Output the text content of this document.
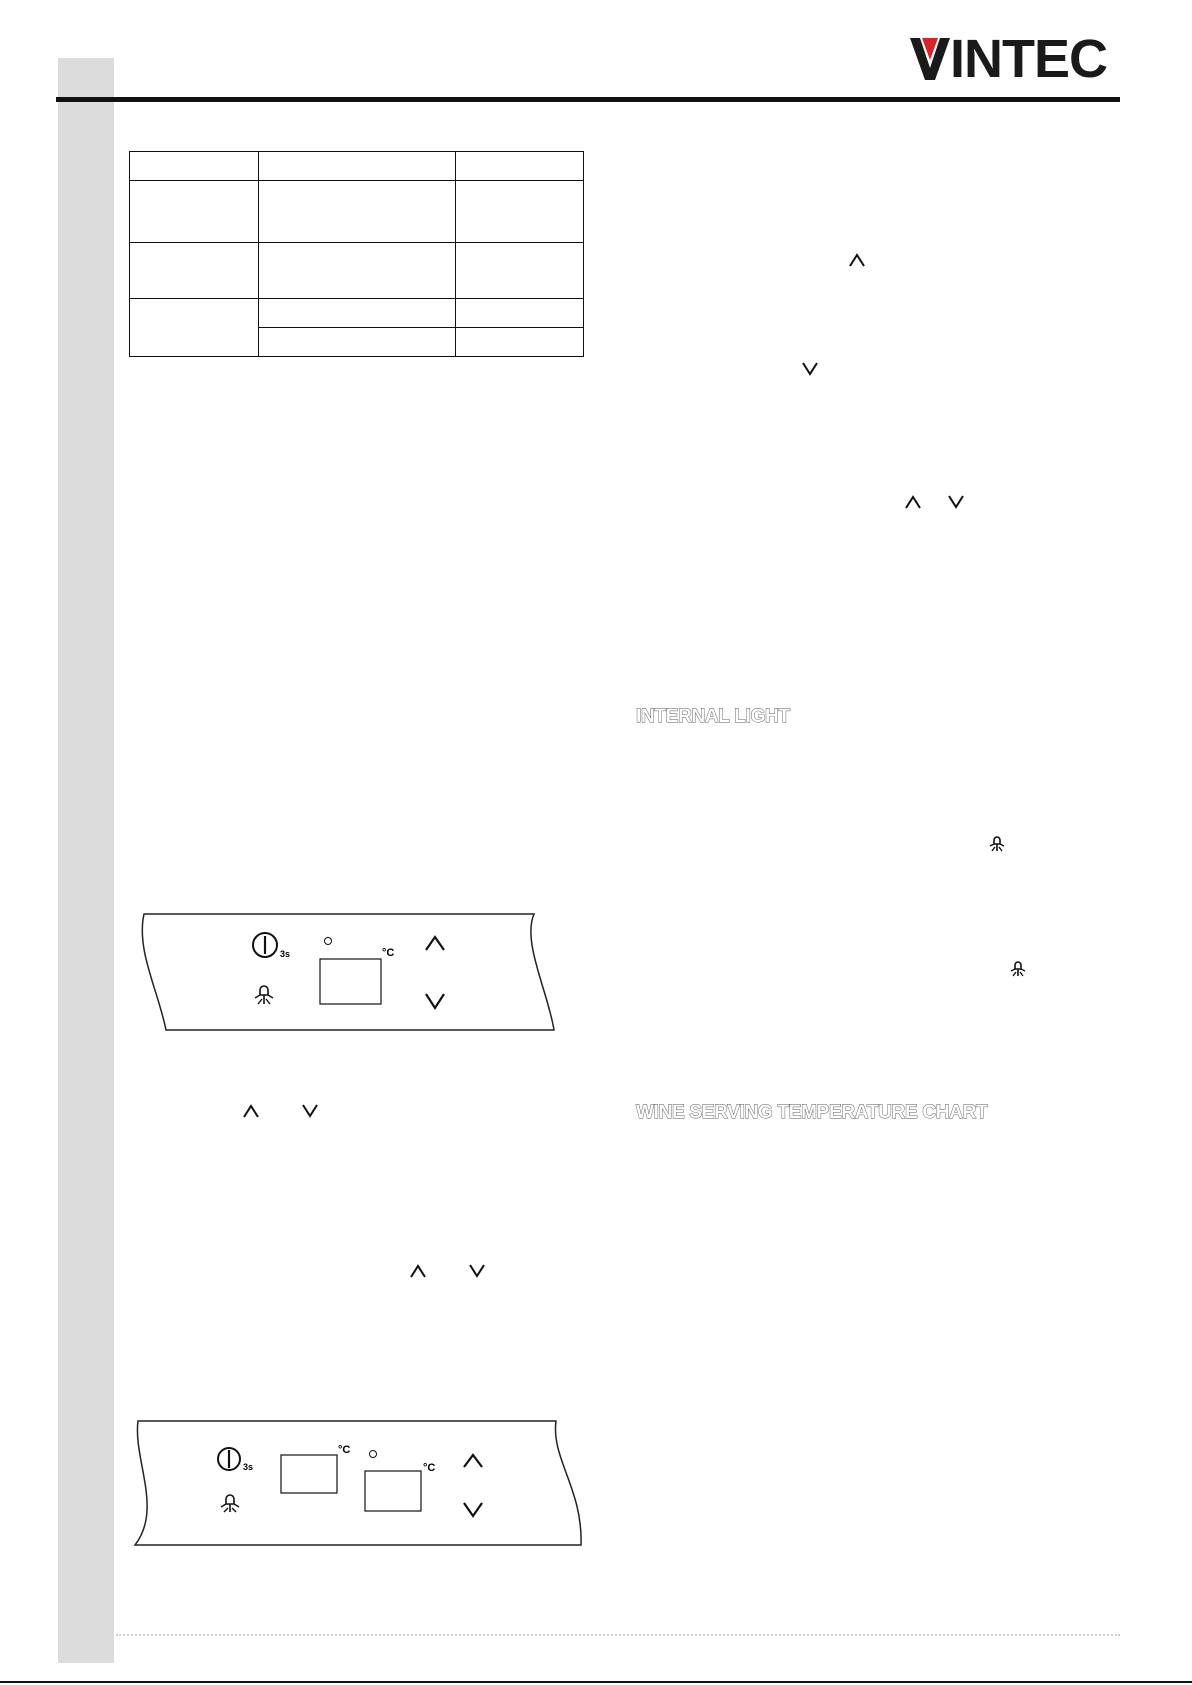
INTEC

INTERNAL LIGHT
WINE SERVING TEMPERATURE CHART
3s	°C
3s
°C
°C
